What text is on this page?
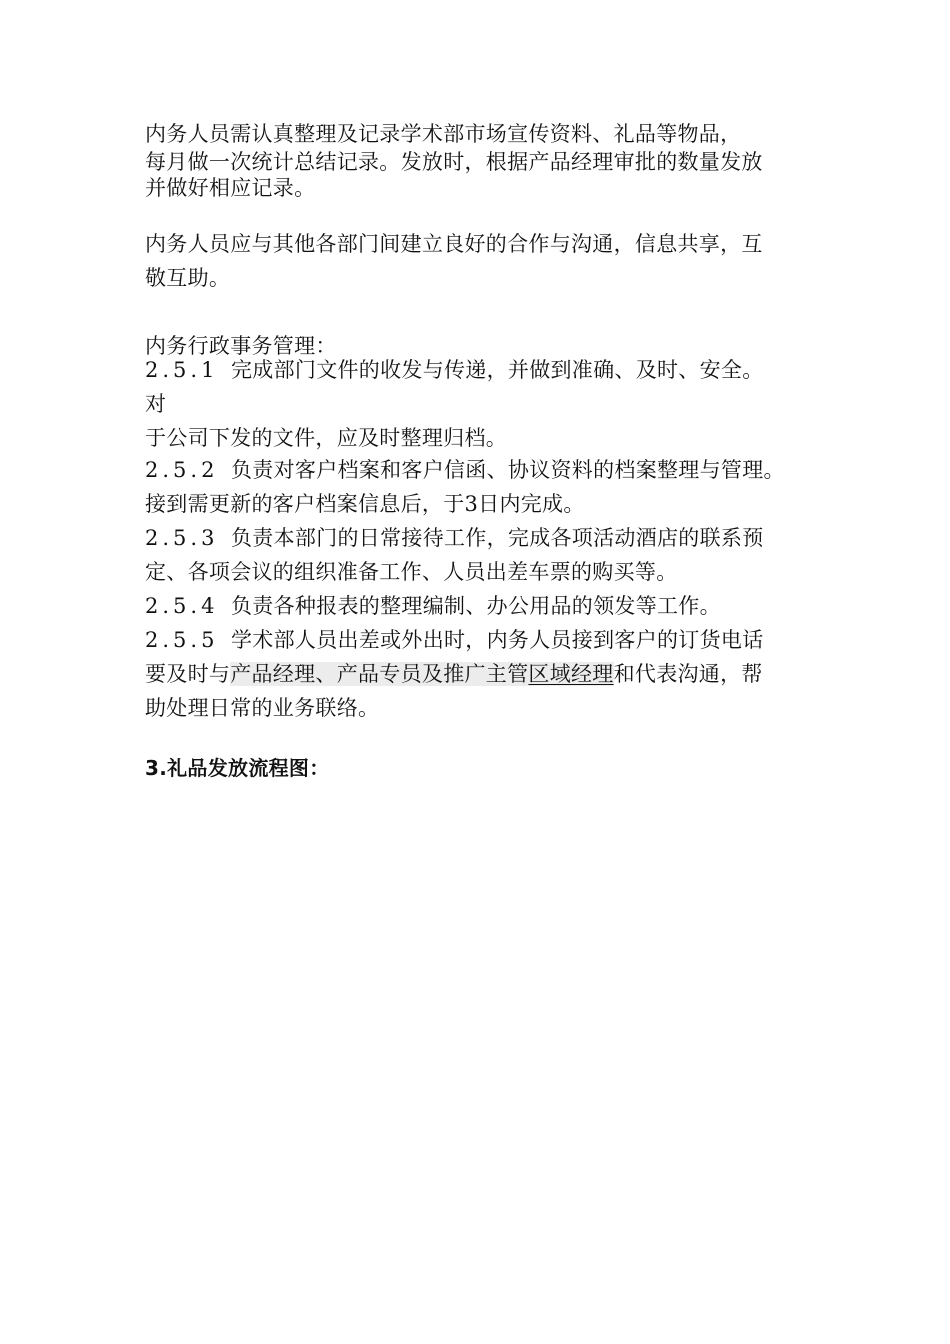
内务人员需认真整理及记录学术部市场宣传资料、礼品等物品，
每月做一次统计总结记录。发放时，根据产品经理审批的数量发放
并做好相应记录。
内务人员应与其他各部门间建立良好的合作与沟通，信息共享，互
敬互助。
内务行政事务管理：
2.5.1 完成部门文件的收发与传递，并做到准确、及时、安全。
对
于公司下发的文件，应及时整理归档。
2.5.2 负责对客户档案和客户信函、协议资料的档案整理与管理。
接到需更新的客户档案信息后，于3日内完成。
2.5.3 负责本部门的日常接待工作，完成各项活动酒店的联系预
定、各项会议的组织准备工作、人员出差车票的购买等。
2.5.4 负责各种报表的整理编制、办公用品的领发等工作。
2.5.5 学术部人员出差或外出时，内务人员接到客户的订货电话
要及时与产品经理、产品专员及推广主管区域经理和代表沟通，帮
助处理日常的业务联络。
3.礼品发放流程图：
